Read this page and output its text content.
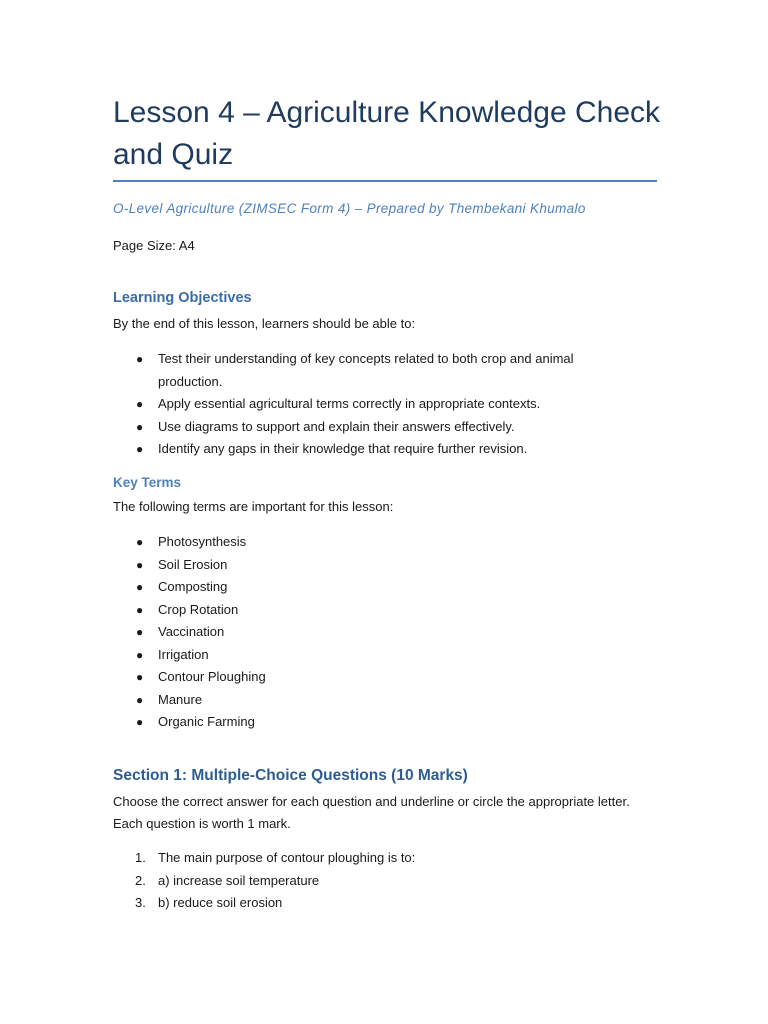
Lesson 4 – Agriculture Knowledge Check and Quiz

O-Level Agriculture (ZIMSEC Form 4) – Prepared by Thembekani Khumalo

Page Size: A4

Learning Objectives

By the end of this lesson, learners should be able to:

● Test their understanding of key concepts related to both crop and animal production.
● Apply essential agricultural terms correctly in appropriate contexts.
● Use diagrams to support and explain their answers effectively.
● Identify any gaps in their knowledge that require further revision.
Key Terms

The following terms are important for this lesson:

● Photosynthesis
● Soil Erosion
● Composting
● Crop Rotation
● Vaccination
● Irrigation
● Contour Ploughing
● Manure
● Organic Farming
Section 1: Multiple-Choice Questions (10 Marks)

Choose the correct answer for each question and underline or circle the appropriate letter. Each question is worth 1 mark.

1. The main purpose of contour ploughing is to:
2. a) increase soil temperature
3. b) reduce soil erosion
